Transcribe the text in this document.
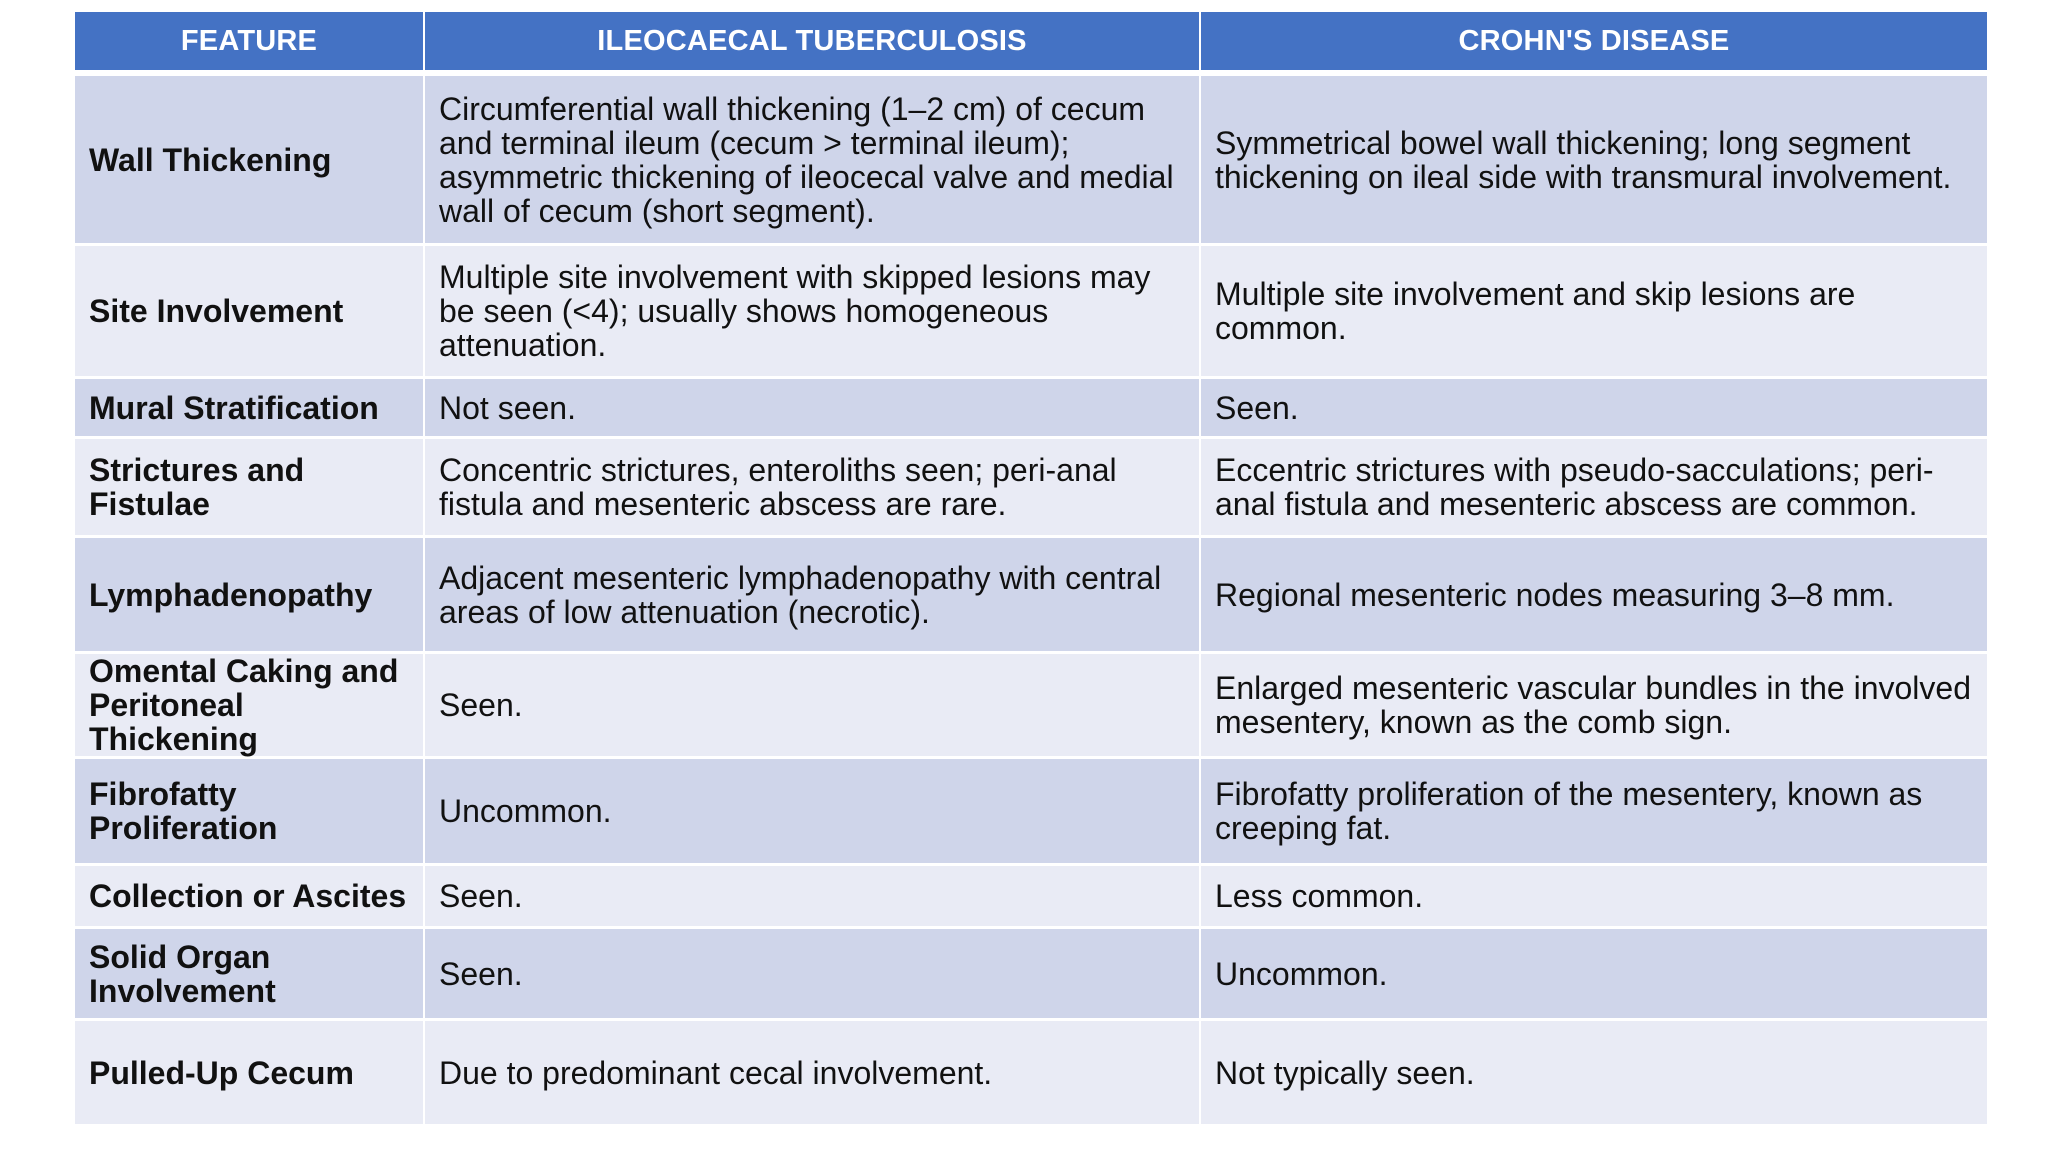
FEATURE	ILEOCAECAL TUBERCULOSIS	CROHN'S DISEASE
Wall Thickening	Circumferential wall thickening (1–2 cm) of cecum and terminal ileum (cecum > terminal ileum); asymmetric thickening of ileocecal valve and medial wall of cecum (short segment).	Symmetrical bowel wall thickening; long segment thickening on ileal side with transmural involvement.
Site Involvement	Multiple site involvement with skipped lesions may be seen (<4); usually shows homogeneous attenuation.	Multiple site involvement and skip lesions are common.
Mural Stratification	Not seen.	Seen.
Strictures and Fistulae	Concentric strictures, enteroliths seen; peri-anal fistula and mesenteric abscess are rare.	Eccentric strictures with pseudo-sacculations; peri-anal fistula and mesenteric abscess are common.
Lymphadenopathy	Adjacent mesenteric lymphadenopathy with central areas of low attenuation (necrotic).	Regional mesenteric nodes measuring 3–8 mm.
Omental Caking and Peritoneal Thickening	Seen.	Enlarged mesenteric vascular bundles in the involved mesentery, known as the comb sign.
Fibrofatty Proliferation	Uncommon.	Fibrofatty proliferation of the mesentery, known as creeping fat.
Collection or Ascites	Seen.	Less common.
Solid Organ Involvement	Seen.	Uncommon.
Pulled-Up Cecum	Due to predominant cecal involvement.	Not typically seen.
